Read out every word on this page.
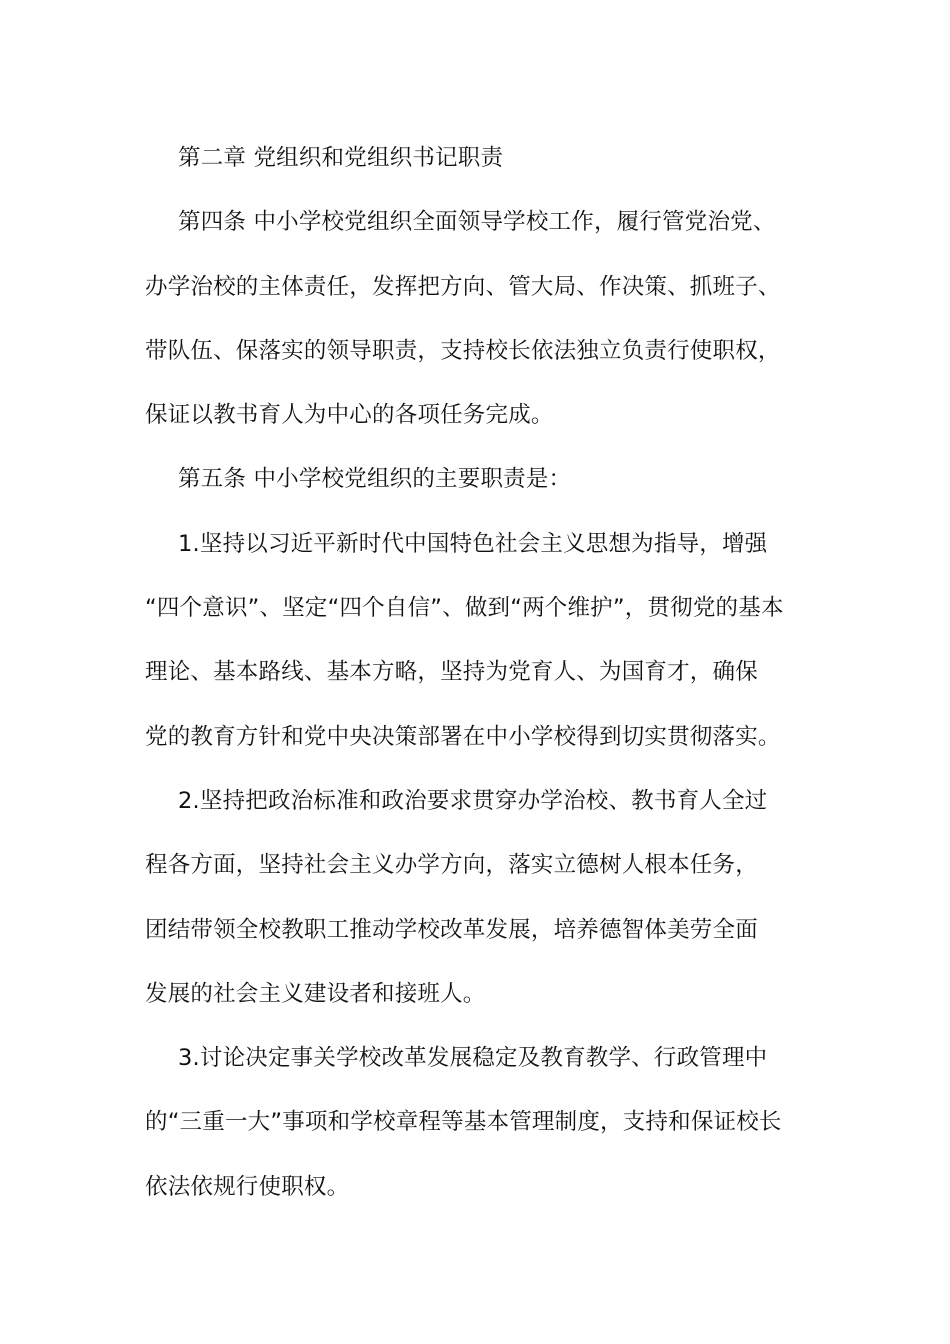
第二章 党组织和党组织书记职责
第四条 中小学校党组织全面领导学校工作，履行管党治党、
办学治校的主体责任，发挥把方向、管大局、作决策、抓班子、
带队伍、保落实的领导职责，支持校长依法独立负责行使职权，
保证以教书育人为中心的各项任务完成。
第五条 中小学校党组织的主要职责是：
1.坚持以习近平新时代中国特色社会主义思想为指导，增强
“四个意识”、坚定“四个自信”、做到“两个维护”，贯彻党的基本
理论、基本路线、基本方略，坚持为党育人、为国育才，确保
党的教育方针和党中央决策部署在中小学校得到切实贯彻落实。
2.坚持把政治标准和政治要求贯穿办学治校、教书育人全过
程各方面，坚持社会主义办学方向，落实立德树人根本任务，
团结带领全校教职工推动学校改革发展，培养德智体美劳全面
发展的社会主义建设者和接班人。
3.讨论决定事关学校改革发展稳定及教育教学、行政管理中
的“三重一大”事项和学校章程等基本管理制度，支持和保证校长
依法依规行使职权。
